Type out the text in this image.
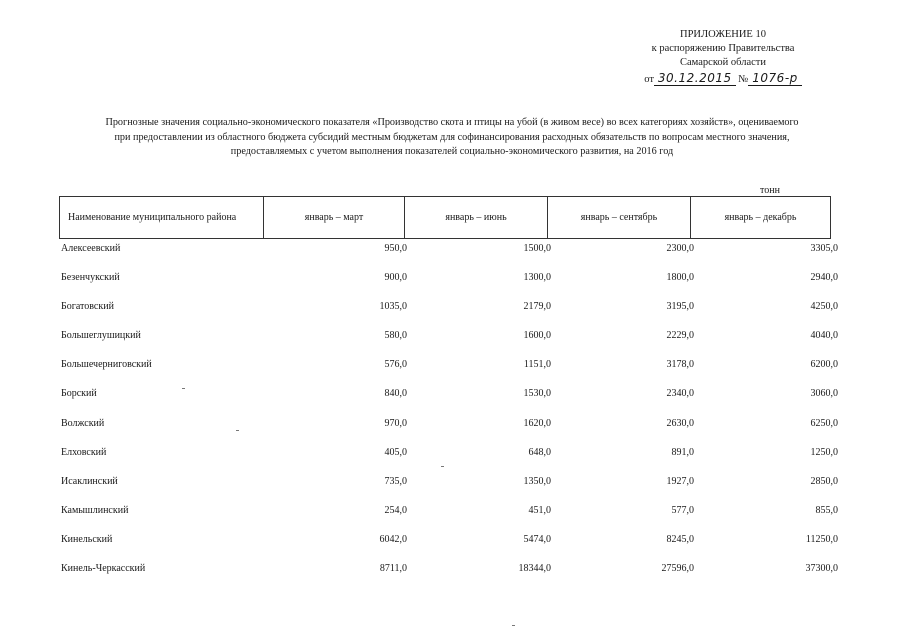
ПРИЛОЖЕНИЕ 10
к распоряжению Правительства
Самарской области
от 30.12.2015 № 1076-р
Прогнозные значения социально-экономического показателя «Производство скота и птицы на убой (в живом весе) во всех категориях хозяйств», оцениваемого
при предоставлении из областного бюджета субсидий местным бюджетам для софинансирования расходных обязательств по вопросам местного значения,
предоставляемых с учетом выполнения показателей социально-экономического развития, на 2016 год
тонн
Наименование муниципального района	январь – март	январь – июнь	январь – сентябрь	январь – декабрь
Алексеевский	950,0	1500,0	2300,0	3305,0
Безенчукский	900,0	1300,0	1800,0	2940,0
Богатовский	1035,0	2179,0	3195,0	4250,0
Большеглушицкий	580,0	1600,0	2229,0	4040,0
Большечерниговский	576,0	1151,0	3178,0	6200,0
Борский	840,0	1530,0	2340,0	3060,0
Волжский	970,0	1620,0	2630,0	6250,0
Елховский	405,0	648,0	891,0	1250,0
Исаклинский	735,0	1350,0	1927,0	2850,0
Камышлинский	254,0	451,0	577,0	855,0
Кинельский	6042,0	5474,0	8245,0	11250,0
Кинель-Черкасский	8711,0	18344,0	27596,0	37300,0
